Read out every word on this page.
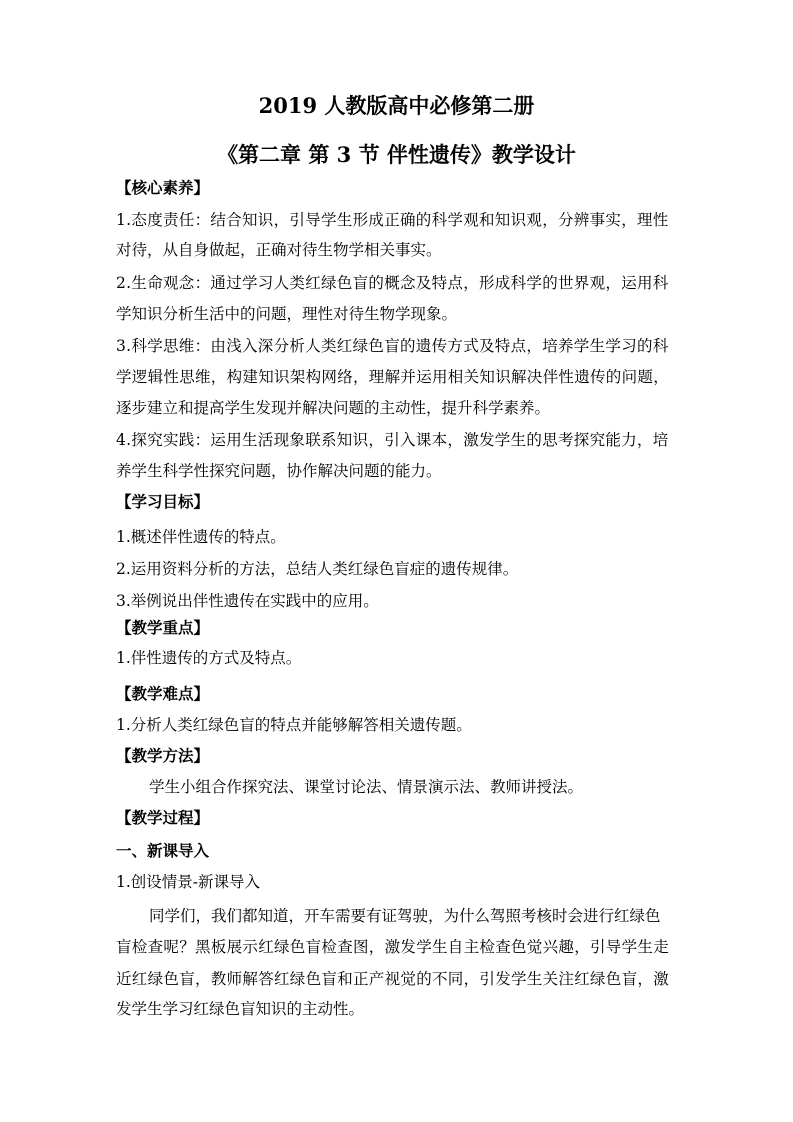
2019 人教版高中必修第二册
《第二章 第 3 节 伴性遗传》教学设计
【核心素养】
1.态度责任：结合知识，引导学生形成正确的科学观和知识观，分辨事实，理性
对待，从自身做起，正确对待生物学相关事实。
2.生命观念：通过学习人类红绿色盲的概念及特点，形成科学的世界观，运用科
学知识分析生活中的问题，理性对待生物学现象。
3.科学思维：由浅入深分析人类红绿色盲的遗传方式及特点，培养学生学习的科
学逻辑性思维，构建知识架构网络，理解并运用相关知识解决伴性遗传的问题，
逐步建立和提高学生发现并解决问题的主动性，提升科学素养。
4.探究实践：运用生活现象联系知识，引入课本，激发学生的思考探究能力，培
养学生科学性探究问题，协作解决问题的能力。
【学习目标】
1.概述伴性遗传的特点。
2.运用资料分析的方法，总结人类红绿色盲症的遗传规律。
3.举例说出伴性遗传在实践中的应用。
【教学重点】
1.伴性遗传的方式及特点。
【教学难点】
1.分析人类红绿色盲的特点并能够解答相关遗传题。
【教学方法】
学生小组合作探究法、课堂讨论法、情景演示法、教师讲授法。
【教学过程】
一、新课导入
1.创设情景-新课导入
同学们，我们都知道，开车需要有证驾驶，为什么驾照考核时会进行红绿色
盲检查呢？黑板展示红绿色盲检查图，激发学生自主检查色觉兴趣，引导学生走
近红绿色盲，教师解答红绿色盲和正产视觉的不同，引发学生关注红绿色盲，激
发学生学习红绿色盲知识的主动性。
